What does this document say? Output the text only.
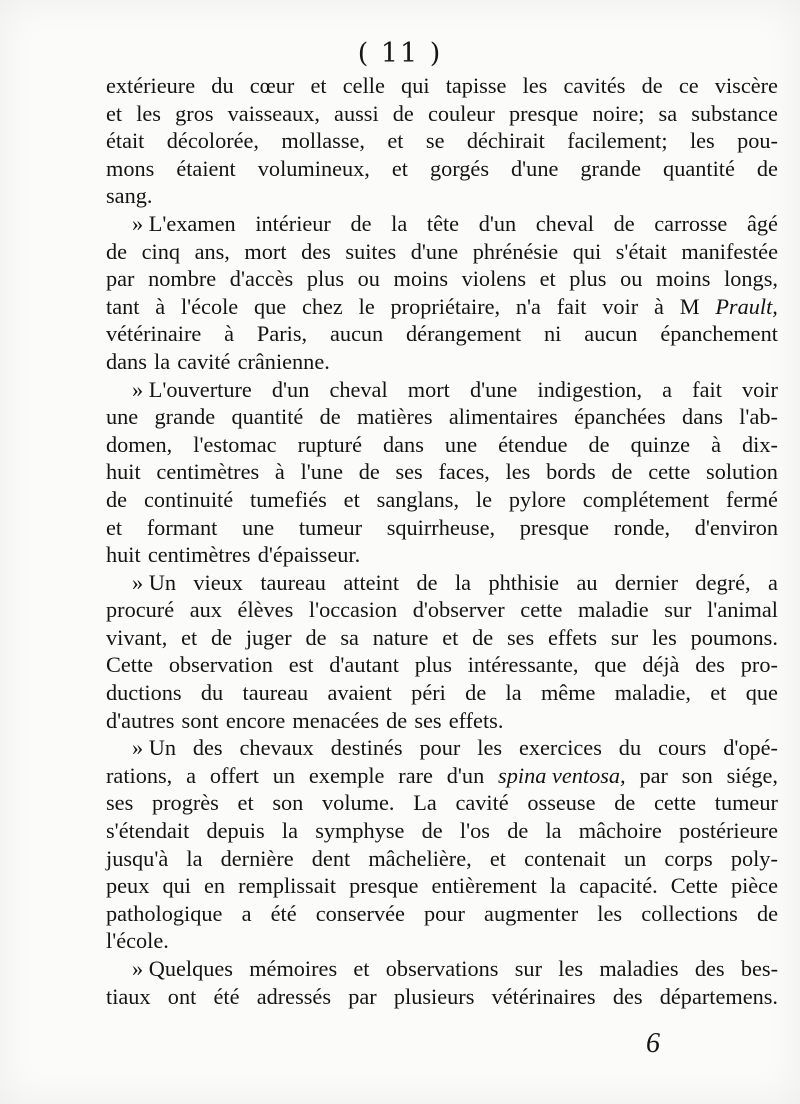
( 11 )
extérieure du cœur et celle qui tapisse les cavités de ce viscère
et les gros vaisseaux, aussi de couleur presque noire; sa substance
était décolorée, mollasse, et se déchirait facilement; les pou-
mons étaient volumineux, et gorgés d'une grande quantité de
sang.
» L'examen intérieur de la tête d'un cheval de carrosse âgé
de cinq ans, mort des suites d'une phrénésie qui s'était manifestée
par nombre d'accès plus ou moins violens et plus ou moins longs,
tant à l'école que chez le propriétaire, n'a fait voir à M Prault,
vétérinaire à Paris, aucun dérangement ni aucun épanchement
dans la cavité crânienne.
» L'ouverture d'un cheval mort d'une indigestion, a fait voir
une grande quantité de matières alimentaires épanchées dans l'ab-
domen, l'estomac rupturé dans une étendue de quinze à dix-
huit centimètres à l'une de ses faces, les bords de cette solution
de continuité tumefiés et sanglans, le pylore complétement fermé
et formant une tumeur squirrheuse, presque ronde, d'environ
huit centimètres d'épaisseur.
» Un vieux taureau atteint de la phthisie au dernier degré, a
procuré aux élèves l'occasion d'observer cette maladie sur l'animal
vivant, et de juger de sa nature et de ses effets sur les poumons.
Cette observation est d'autant plus intéressante, que déjà des pro-
ductions du taureau avaient péri de la même maladie, et que
d'autres sont encore menacées de ses effets.
» Un des chevaux destinés pour les exercices du cours d'opé-
rations, a offert un exemple rare d'un spina ventosa, par son siége,
ses progrès et son volume. La cavité osseuse de cette tumeur
s'étendait depuis la symphyse de l'os de la mâchoire postérieure
jusqu'à la dernière dent mâchelière, et contenait un corps poly-
peux qui en remplissait presque entièrement la capacité. Cette pièce
pathologique a été conservée pour augmenter les collections de
l'école.
» Quelques mémoires et observations sur les maladies des bes-
tiaux ont été adressés par plusieurs vétérinaires des départemens.
6
